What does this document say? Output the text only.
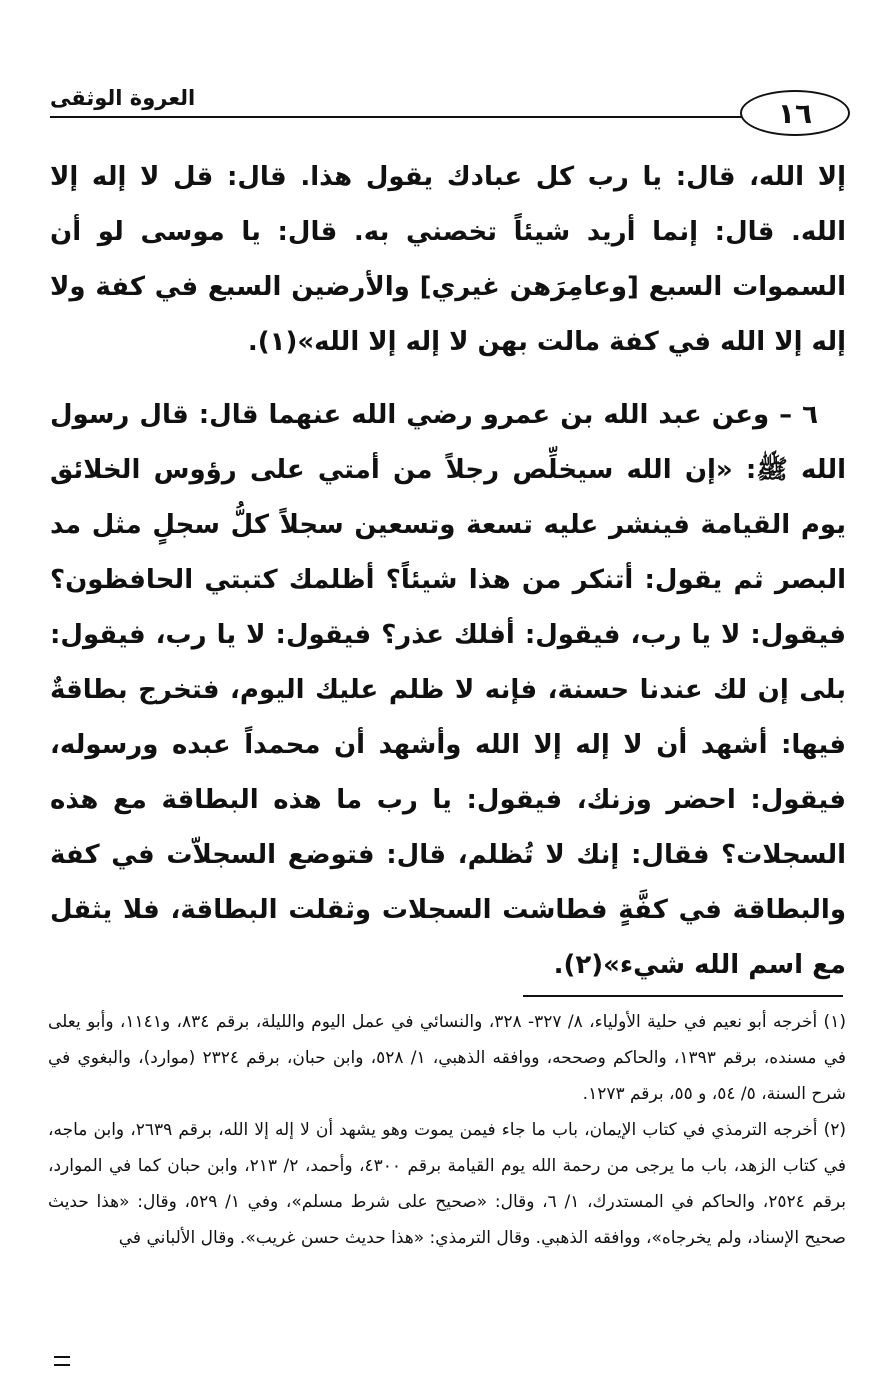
العروة الوثقى	١٦

إلا الله، قال: يا رب كل عبادك يقول هذا. قال: قل لا إله إلا الله. قال: إنما أريد شيئاً تخصني به. قال: يا موسى لو أن السموات السبع [وعامِرَهن غيري] والأرضين السبع في كفة ولا إله إلا الله في كفة مالت بهن لا إله إلا الله»(١).

٦ – وعن عبد الله بن عمرو رضي الله عنهما قال: قال رسول الله ﷺ: «إن الله سيخلِّص رجلاً من أمتي على رؤوس الخلائق يوم القيامة فينشر عليه تسعة وتسعين سجلاً كلُّ سجلٍ مثل مد البصر ثم يقول: أتنكر من هذا شيئاً؟ أظلمك كتبتي الحافظون؟ فيقول: لا يا رب، فيقول: أفلك عذر؟ فيقول: لا يا رب، فيقول: بلى إن لك عندنا حسنة، فإنه لا ظلم عليك اليوم، فتخرج بطاقةٌ فيها: أشهد أن لا إله إلا الله وأشهد أن محمداً عبده ورسوله، فيقول: احضر وزنك، فيقول: يا رب ما هذه البطاقة مع هذه السجلات؟ فقال: إنك لا تُظلم، قال: فتوضع السجلاّت في كفة والبطاقة في كفَّةٍ فطاشت السجلات وثقلت البطاقة، فلا يثقل مع اسم الله شيء»(٢).

(١) أخرجه أبو نعيم في حلية الأولياء، ٨/ ٣٢٧- ٣٢٨، والنسائي في عمل اليوم والليلة، برقم ٨٣٤، و١١٤١، وأبو يعلى في مسنده، برقم ١٣٩٣، والحاكم وصححه، ووافقه الذهبي، ١/ ٥٢٨، وابن حبان، برقم ٢٣٢٤ (موارد)، والبغوي في شرح السنة، ٥/ ٥٤، و ٥٥، برقم ١٢٧٣.

(٢) أخرجه الترمذي في كتاب الإيمان، باب ما جاء فيمن يموت وهو يشهد أن لا إله إلا الله، برقم ٢٦٣٩، وابن ماجه، في كتاب الزهد، باب ما يرجى من رحمة الله يوم القيامة برقم ٤٣٠٠، وأحمد، ٢/ ٢١٣، وابن حبان كما في الموارد، برقم ٢٥٢٤، والحاكم في المستدرك، ١/ ٦، وقال: «صحيح على شرط مسلم»، وفي ١/ ٥٢٩، وقال: «هذا حديث صحيح الإسناد، ولم يخرجاه»، ووافقه الذهبي. وقال الترمذي: «هذا حديث حسن غريب». وقال الألباني في
